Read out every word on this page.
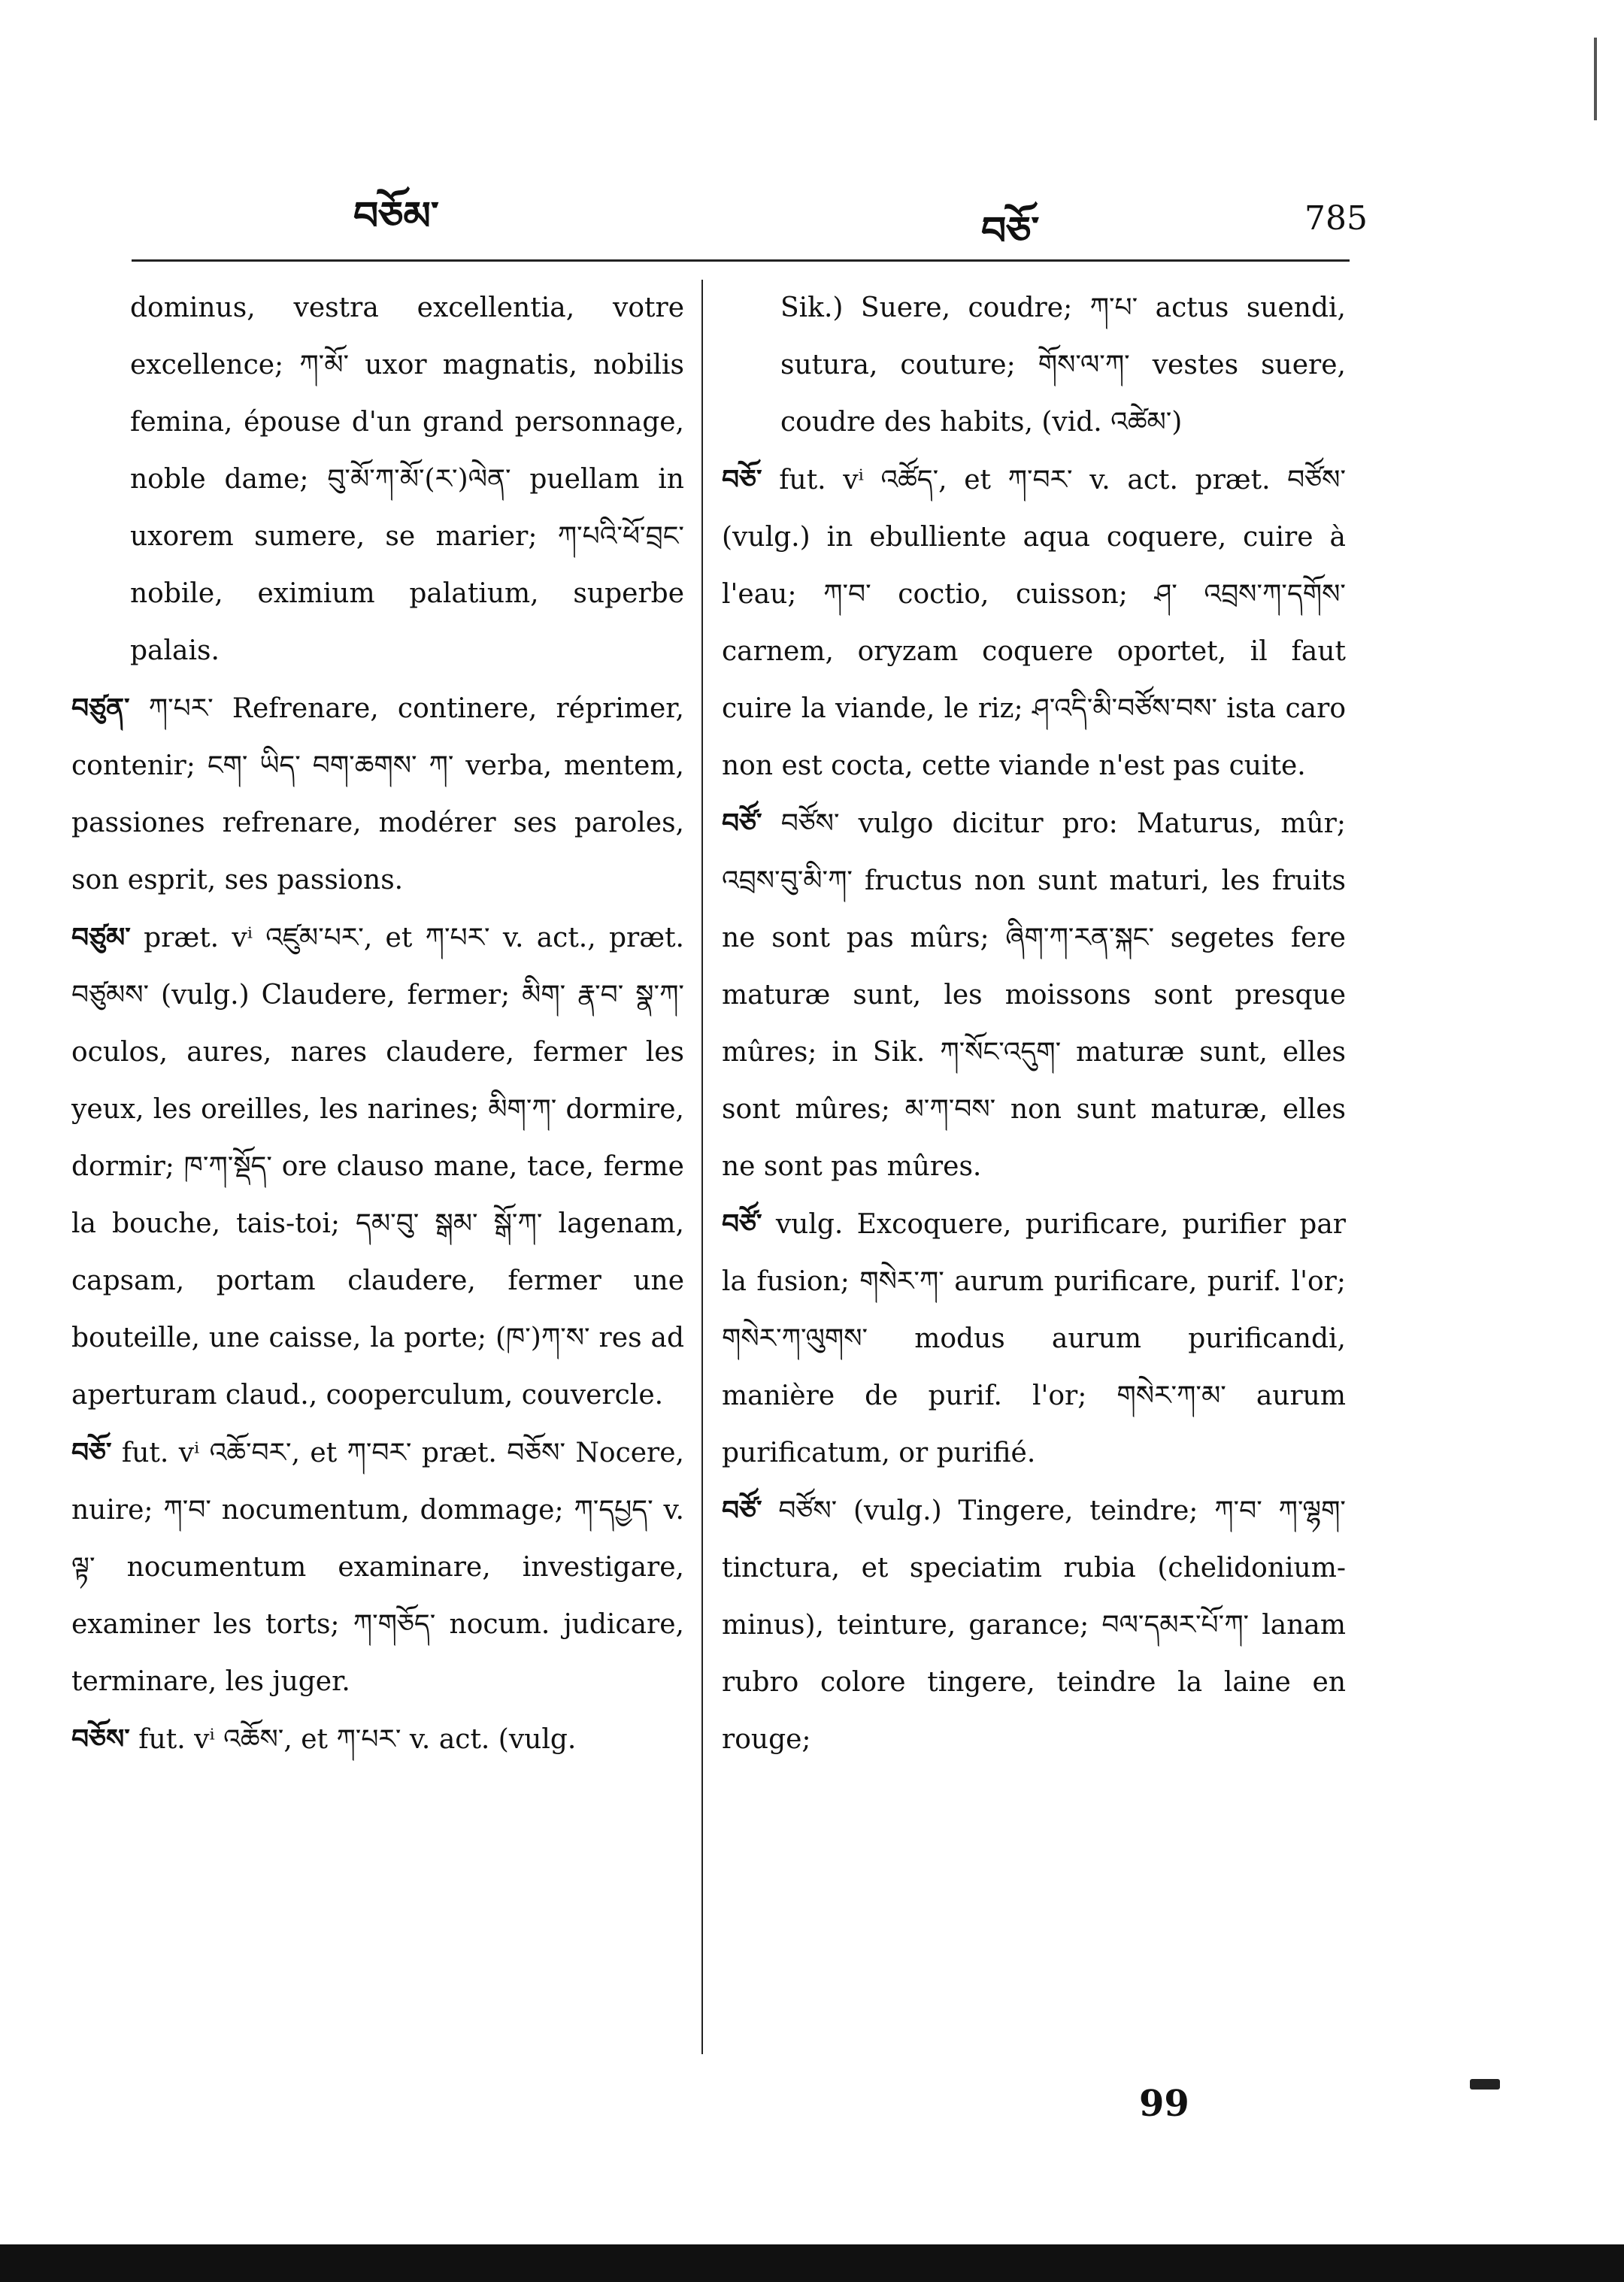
བཅོམ་	བཅོ་	785
dominus, vestra excellentia, votre excellence; ཀ་མོ་ uxor magnatis, nobilis femina, épouse d'un grand personnage, noble dame; བུ་མོ་ཀ་མོ་(ར་)ལེན་ puellam in uxorem sumere, se marier; ཀ་པའི་ཕོ་བྲང་ nobile, eximium palatium, superbe palais.
བཙུན་ ཀ་པར་ Refrenare, continere, réprimer, contenir; ངག་ ཡིད་ བག་ཆགས་ ཀ་ verba, mentem, passiones refrenare, modérer ses paroles, son esprit, ses passions.
བཙུམ་ præt. vⁱ འཛུམ་པར་, et ཀ་པར་ v. act., præt. བཙུམས་ (vulg.) Claudere, fermer; མིག་ རྣ་བ་ སྣ་ཀ་ oculos, aures, nares claudere, fermer les yeux, les oreilles, les narines; མིག་ཀ་ dormire, dormir; ཁ་ཀ་སྡོད་ ore clauso mane, tace, ferme la bouche, tais-toi; དམ་བུ་ སྒམ་ སྒོ་ཀ་ lagenam, capsam, portam claudere, fermer une bouteille, une caisse, la porte; (ཁ་)ཀ་ས་ res ad aperturam claud., cooperculum, couvercle.
བཅོ་ fut. vⁱ འཆོ་བར་, et ཀ་བར་ præt. བཅོས་ Nocere, nuire; ཀ་བ་ nocumentum, dommage; ཀ་དཔྱད་ v. ལྟ་ nocumentum examinare, investigare, examiner les torts; ཀ་གཅོད་ nocum. judicare, terminare, les juger.
བཅོས་ fut. vⁱ འཆོས་, et ཀ་པར་ v. act. (vulg.
Sik.) Suere, coudre; ཀ་པ་ actus suendi, sutura, couture; གོས་ལ་ཀ་ vestes suere, coudre des habits, (vid. འཚེམ་)
བཅོ་ fut. vⁱ འཚོད་, et ཀ་བར་ v. act. præt. བཙོས་ (vulg.) in ebulliente aqua coquere, cuire à l'eau; ཀ་བ་ coctio, cuisson; ཤ་ འབྲས་ཀ་དགོས་ carnem, oryzam coquere oportet, il faut cuire la viande, le riz; ཤ་འདི་མི་བཙོས་བས་ ista caro non est cocta, cette viande n'est pas cuite.
བཙོ་ བཙོས་ vulgo dicitur pro: Maturus, mûr; འབྲས་བུ་མི་ཀ་ fructus non sunt maturi, les fruits ne sont pas mûrs; ཞིག་ཀ་རན་སྐང་ segetes fere maturæ sunt, les moissons sont presque mûres; in Sik. ཀ་སོང་འདུག་ maturæ sunt, elles sont mûres; མ་ཀ་བས་ non sunt maturæ, elles ne sont pas mûres.
བཙོ་ vulg. Excoquere, purificare, purifier par la fusion; གསེར་ཀ་ aurum purificare, purif. l'or; གསེར་ཀ་ལུགས་ modus aurum purificandi, manière de purif. l'or; གསེར་ཀ་མ་ aurum purificatum, or purifié.
བཙོ་ བཙོས་ (vulg.) Tingere, teindre; ཀ་བ་ ཀ་ལྷག་ tinctura, et speciatim rubia (chelidonium-minus), teinture, garance; བལ་དམར་པོ་ཀ་ lanam rubro colore tingere, teindre la laine en rouge;
99
